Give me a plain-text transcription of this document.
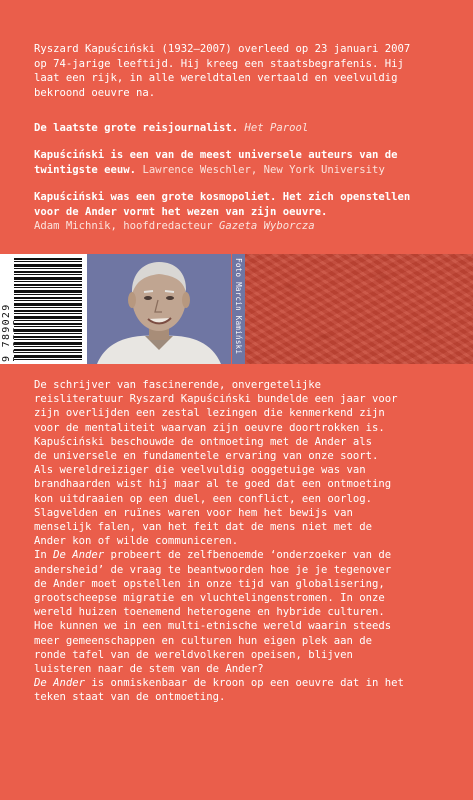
Ryszard Kapuściński (1932–2007) overleed op 23 januari 2007
op 74-jarige leeftijd. Hij kreeg een staatsbegrafenis. Hij
laat een rijk, in alle wereldtalen vertaald en veelvuldig
bekroond oeuvre na.
De laatste grote reisjournalist. Het Parool
Kapuściński is een van de meest universele auteurs van de
twintigste eeuw. Lawrence Weschler, New York University
Kapuściński was een grote kosmopoliet. Het zich openstellen
voor de Ander vormt het wezen van zijn oeuvre.
Adam Michnik, hoofdredacteur Gazeta Wyborcza
9 789029	Foto Marcin Kamiński
De schrijver van fascinerende, onvergetelijke
reisliteratuur Ryszard Kapuściński bundelde een jaar voor
zijn overlijden een zestal lezingen die kenmerkend zijn
voor de mentaliteit waarvan zijn oeuvre doortrokken is.
Kapuściński beschouwde de ontmoeting met de Ander als
de universele en fundamentele ervaring van onze soort.
Als wereldreiziger die veelvuldig ooggetuige was van
brandhaarden wist hij maar al te goed dat een ontmoeting
kon uitdraaien op een duel, een conflict, een oorlog.
Slagvelden en ruïnes waren voor hem het bewijs van
menselijk falen, van het feit dat de mens niet met de
Ander kon of wilde communiceren.
In De Ander probeert de zelfbenoemde ‘onderzoeker van de
andersheid’ de vraag te beantwoorden hoe je je tegenover
de Ander moet opstellen in onze tijd van globalisering,
grootscheepse migratie en vluchtelingenstromen. In onze
wereld huizen toenemend heterogene en hybride culturen.
Hoe kunnen we in een multi-etnische wereld waarin steeds
meer gemeenschappen en culturen hun eigen plek aan de
ronde tafel van de wereldvolkeren opeisen, blijven
luisteren naar de stem van de Ander?
De Ander is onmiskenbaar de kroon op een oeuvre dat in het
teken staat van de ontmoeting.
